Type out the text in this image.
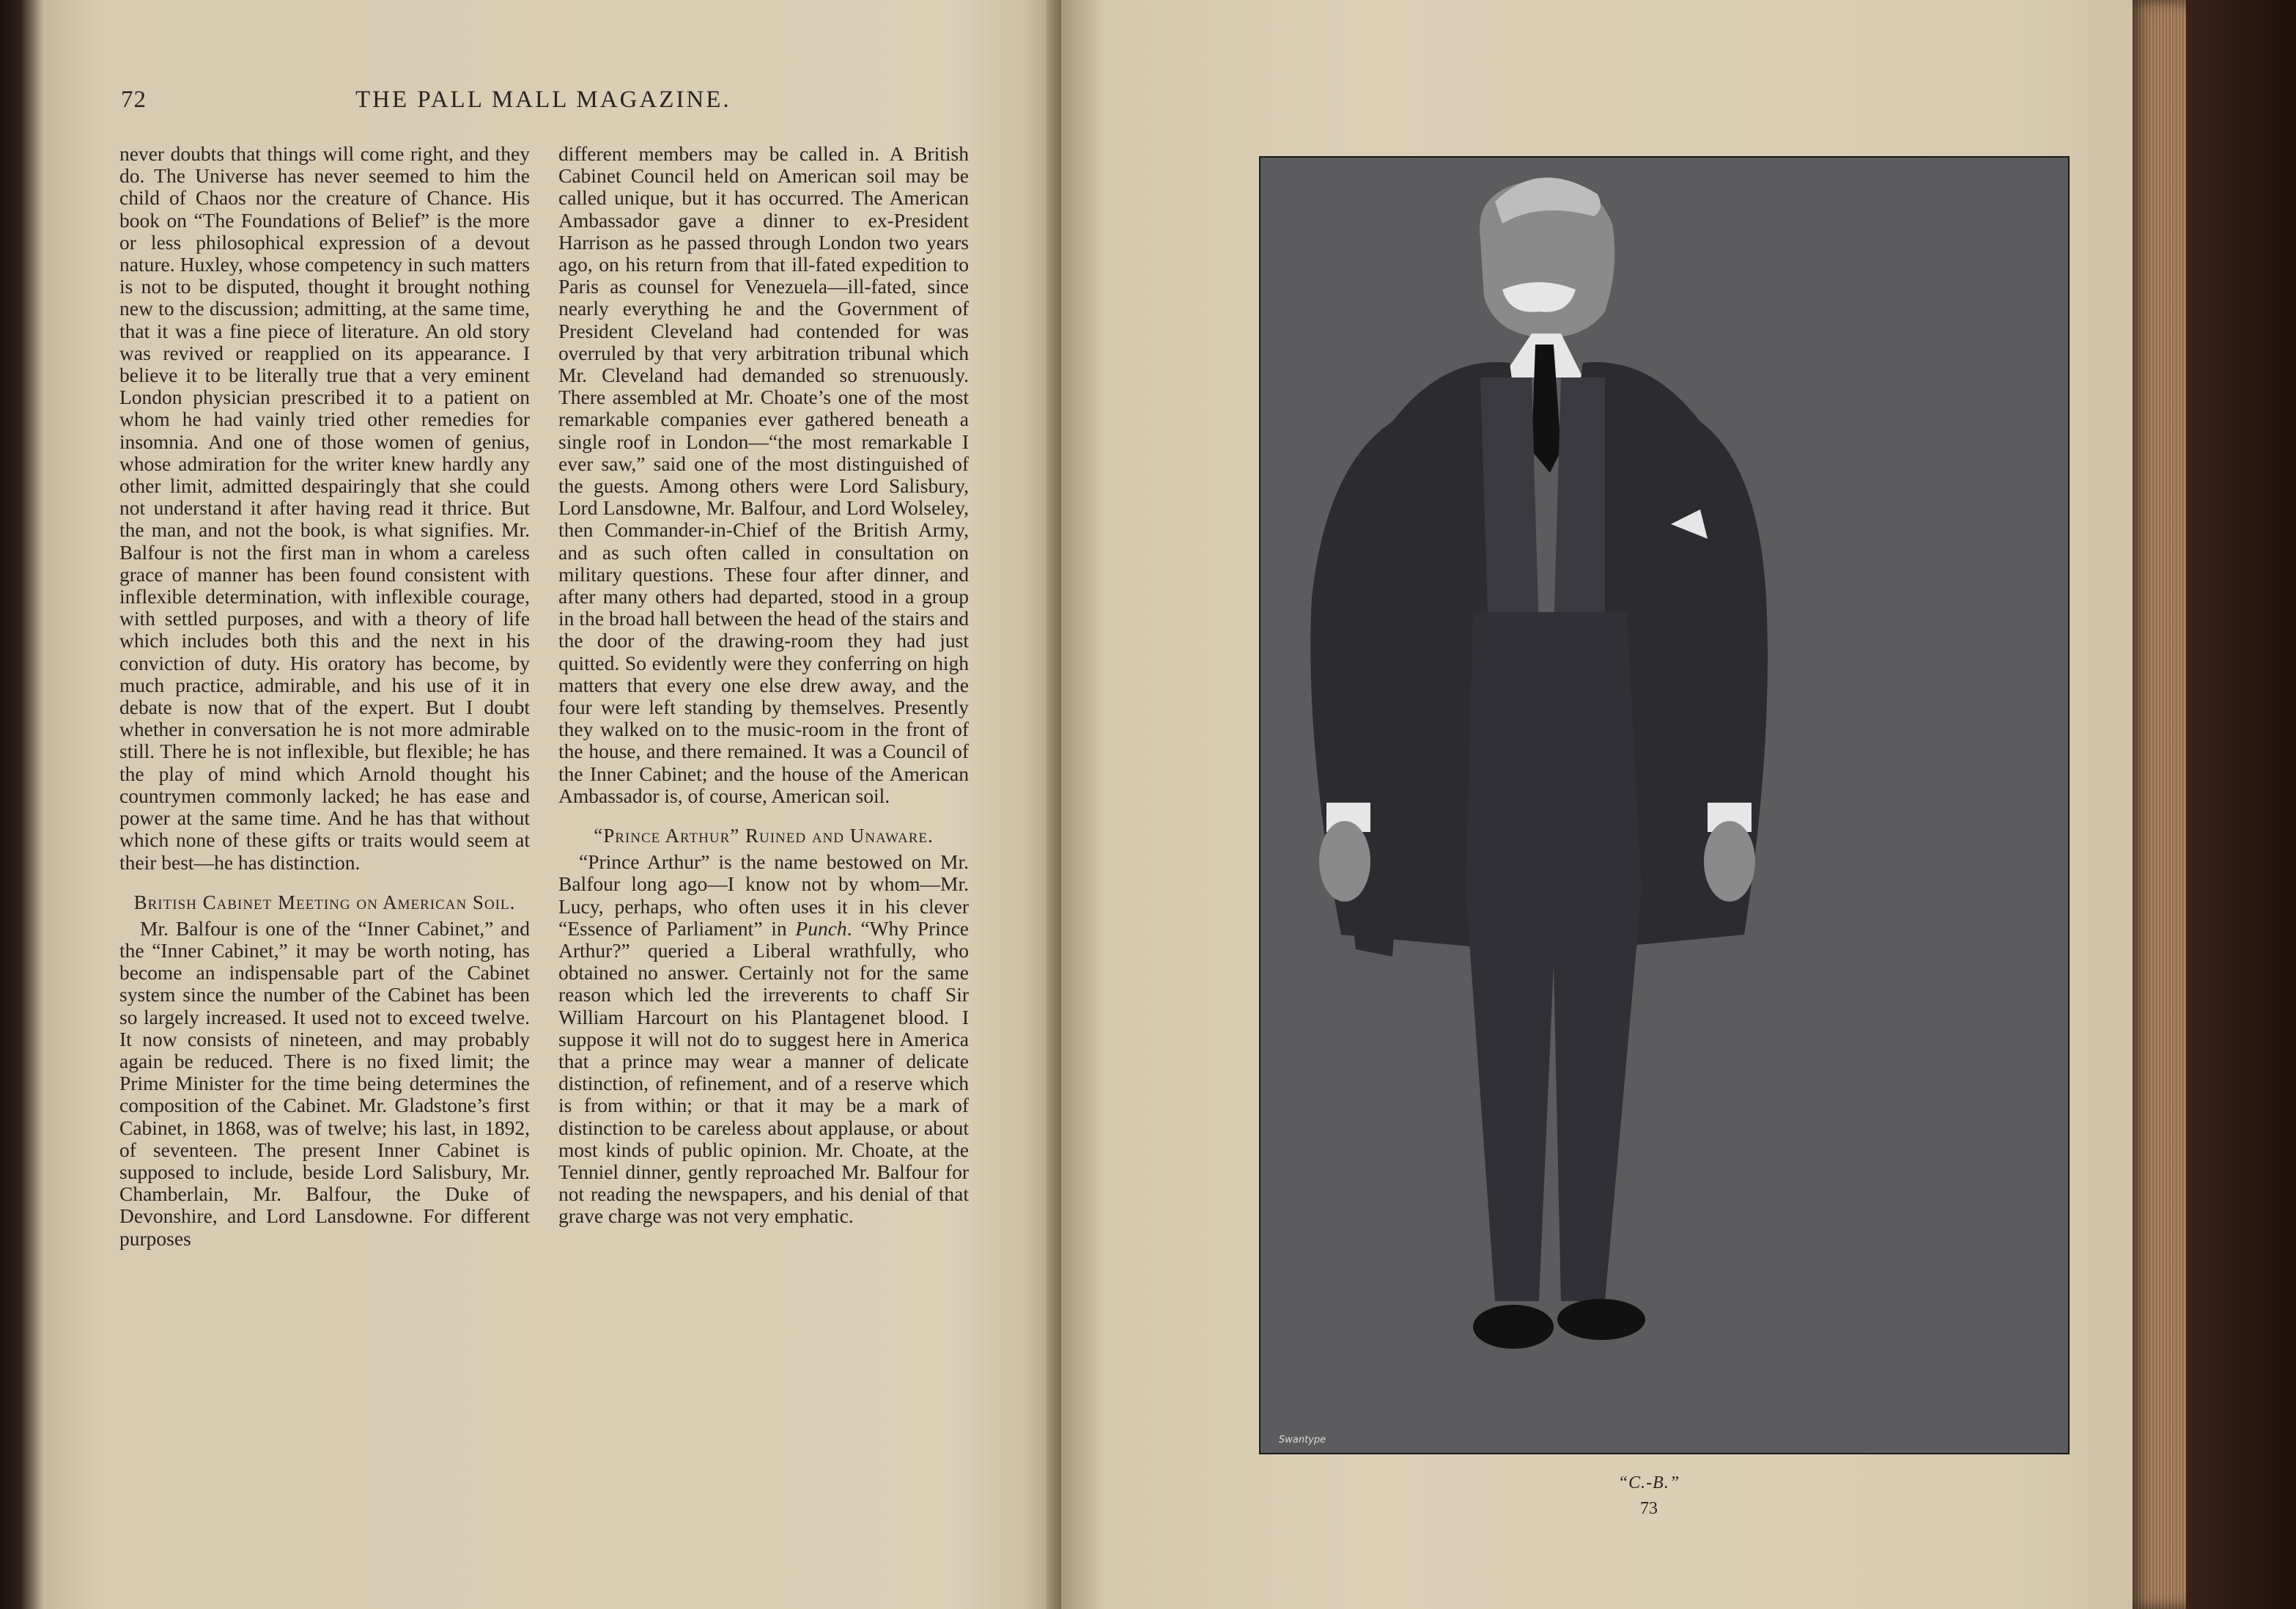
72	THE PALL MALL MAGAZINE.

never doubts that things will come right, and they do. The Universe has never seemed to him the child of Chaos nor the creature of Chance. His book on “The Foundations of Belief” is the more or less philosophical expression of a devout nature. Huxley, whose competency in such matters is not to be disputed, thought it brought nothing new to the discussion; admitting, at the same time, that it was a fine piece of literature. An old story was revived or reapplied on its appearance. I believe it to be literally true that a very eminent London physician prescribed it to a patient on whom he had vainly tried other remedies for insomnia. And one of those women of genius, whose admiration for the writer knew hardly any other limit, admitted despairingly that she could not understand it after having read it thrice. But the man, and not the book, is what signifies. Mr. Balfour is not the first man in whom a careless grace of manner has been found consistent with inflexible determination, with inflexible courage, with settled purposes, and with a theory of life which includes both this and the next in his conviction of duty. His oratory has become, by much practice, admirable, and his use of it in debate is now that of the expert. But I doubt whether in conversation he is not more admirable still. There he is not inflexible, but flexible; he has the play of mind which Arnold thought his countrymen commonly lacked; he has ease and power at the same time. And he has that without which none of these gifts or traits would seem at their best—he has distinction.

British Cabinet Meeting on American Soil.

Mr. Balfour is one of the “Inner Cabinet,” and the “Inner Cabinet,” it may be worth noting, has become an indispensable part of the Cabinet system since the number of the Cabinet has been so largely increased. It used not to exceed twelve. It now consists of nineteen, and may probably again be reduced. There is no fixed limit; the Prime Minister for the time being determines the composition of the Cabinet. Mr. Gladstone’s first Cabinet, in 1868, was of twelve; his last, in 1892, of seventeen. The present Inner Cabinet is supposed to include, beside Lord Salisbury, Mr. Chamberlain, Mr. Balfour, the Duke of Devonshire, and Lord Lansdowne. For different purposes

different members may be called in. A British Cabinet Council held on American soil may be called unique, but it has occurred. The American Ambassador gave a dinner to ex-President Harrison as he passed through London two years ago, on his return from that ill-fated expedition to Paris as counsel for Venezuela—ill-fated, since nearly everything he and the Government of President Cleveland had contended for was overruled by that very arbitration tribunal which Mr. Cleveland had demanded so strenuously. There assembled at Mr. Choate’s one of the most remarkable companies ever gathered beneath a single roof in London—“the most remarkable I ever saw,” said one of the most distinguished of the guests. Among others were Lord Salisbury, Lord Lansdowne, Mr. Balfour, and Lord Wolseley, then Commander-in-Chief of the British Army, and as such often called in consultation on military questions. These four after dinner, and after many others had departed, stood in a group in the broad hall between the head of the stairs and the door of the drawing-room they had just quitted. So evidently were they conferring on high matters that every one else drew away, and the four were left standing by themselves. Presently they walked on to the music-room in the front of the house, and there remained. It was a Council of the Inner Cabinet; and the house of the American Ambassador is, of course, American soil.

“Prince Arthur” Ruined and Unaware.

“Prince Arthur” is the name bestowed on Mr. Balfour long ago—I know not by whom—Mr. Lucy, perhaps, who often uses it in his clever “Essence of Parliament” in Punch. “Why Prince Arthur?” queried a Liberal wrathfully, who obtained no answer. Certainly not for the same reason which led the irreverents to chaff Sir William Harcourt on his Plantagenet blood. I suppose it will not do to suggest here in America that a prince may wear a manner of delicate distinction, of refinement, and of a reserve which is from within; or that it may be a mark of distinction to be careless about applause, or about most kinds of public opinion. Mr. Choate, at the Tenniel dinner, gently reproached Mr. Balfour for not reading the newspapers, and his denial of that grave charge was not very emphatic.

Swantype
“C.-B.”
73
